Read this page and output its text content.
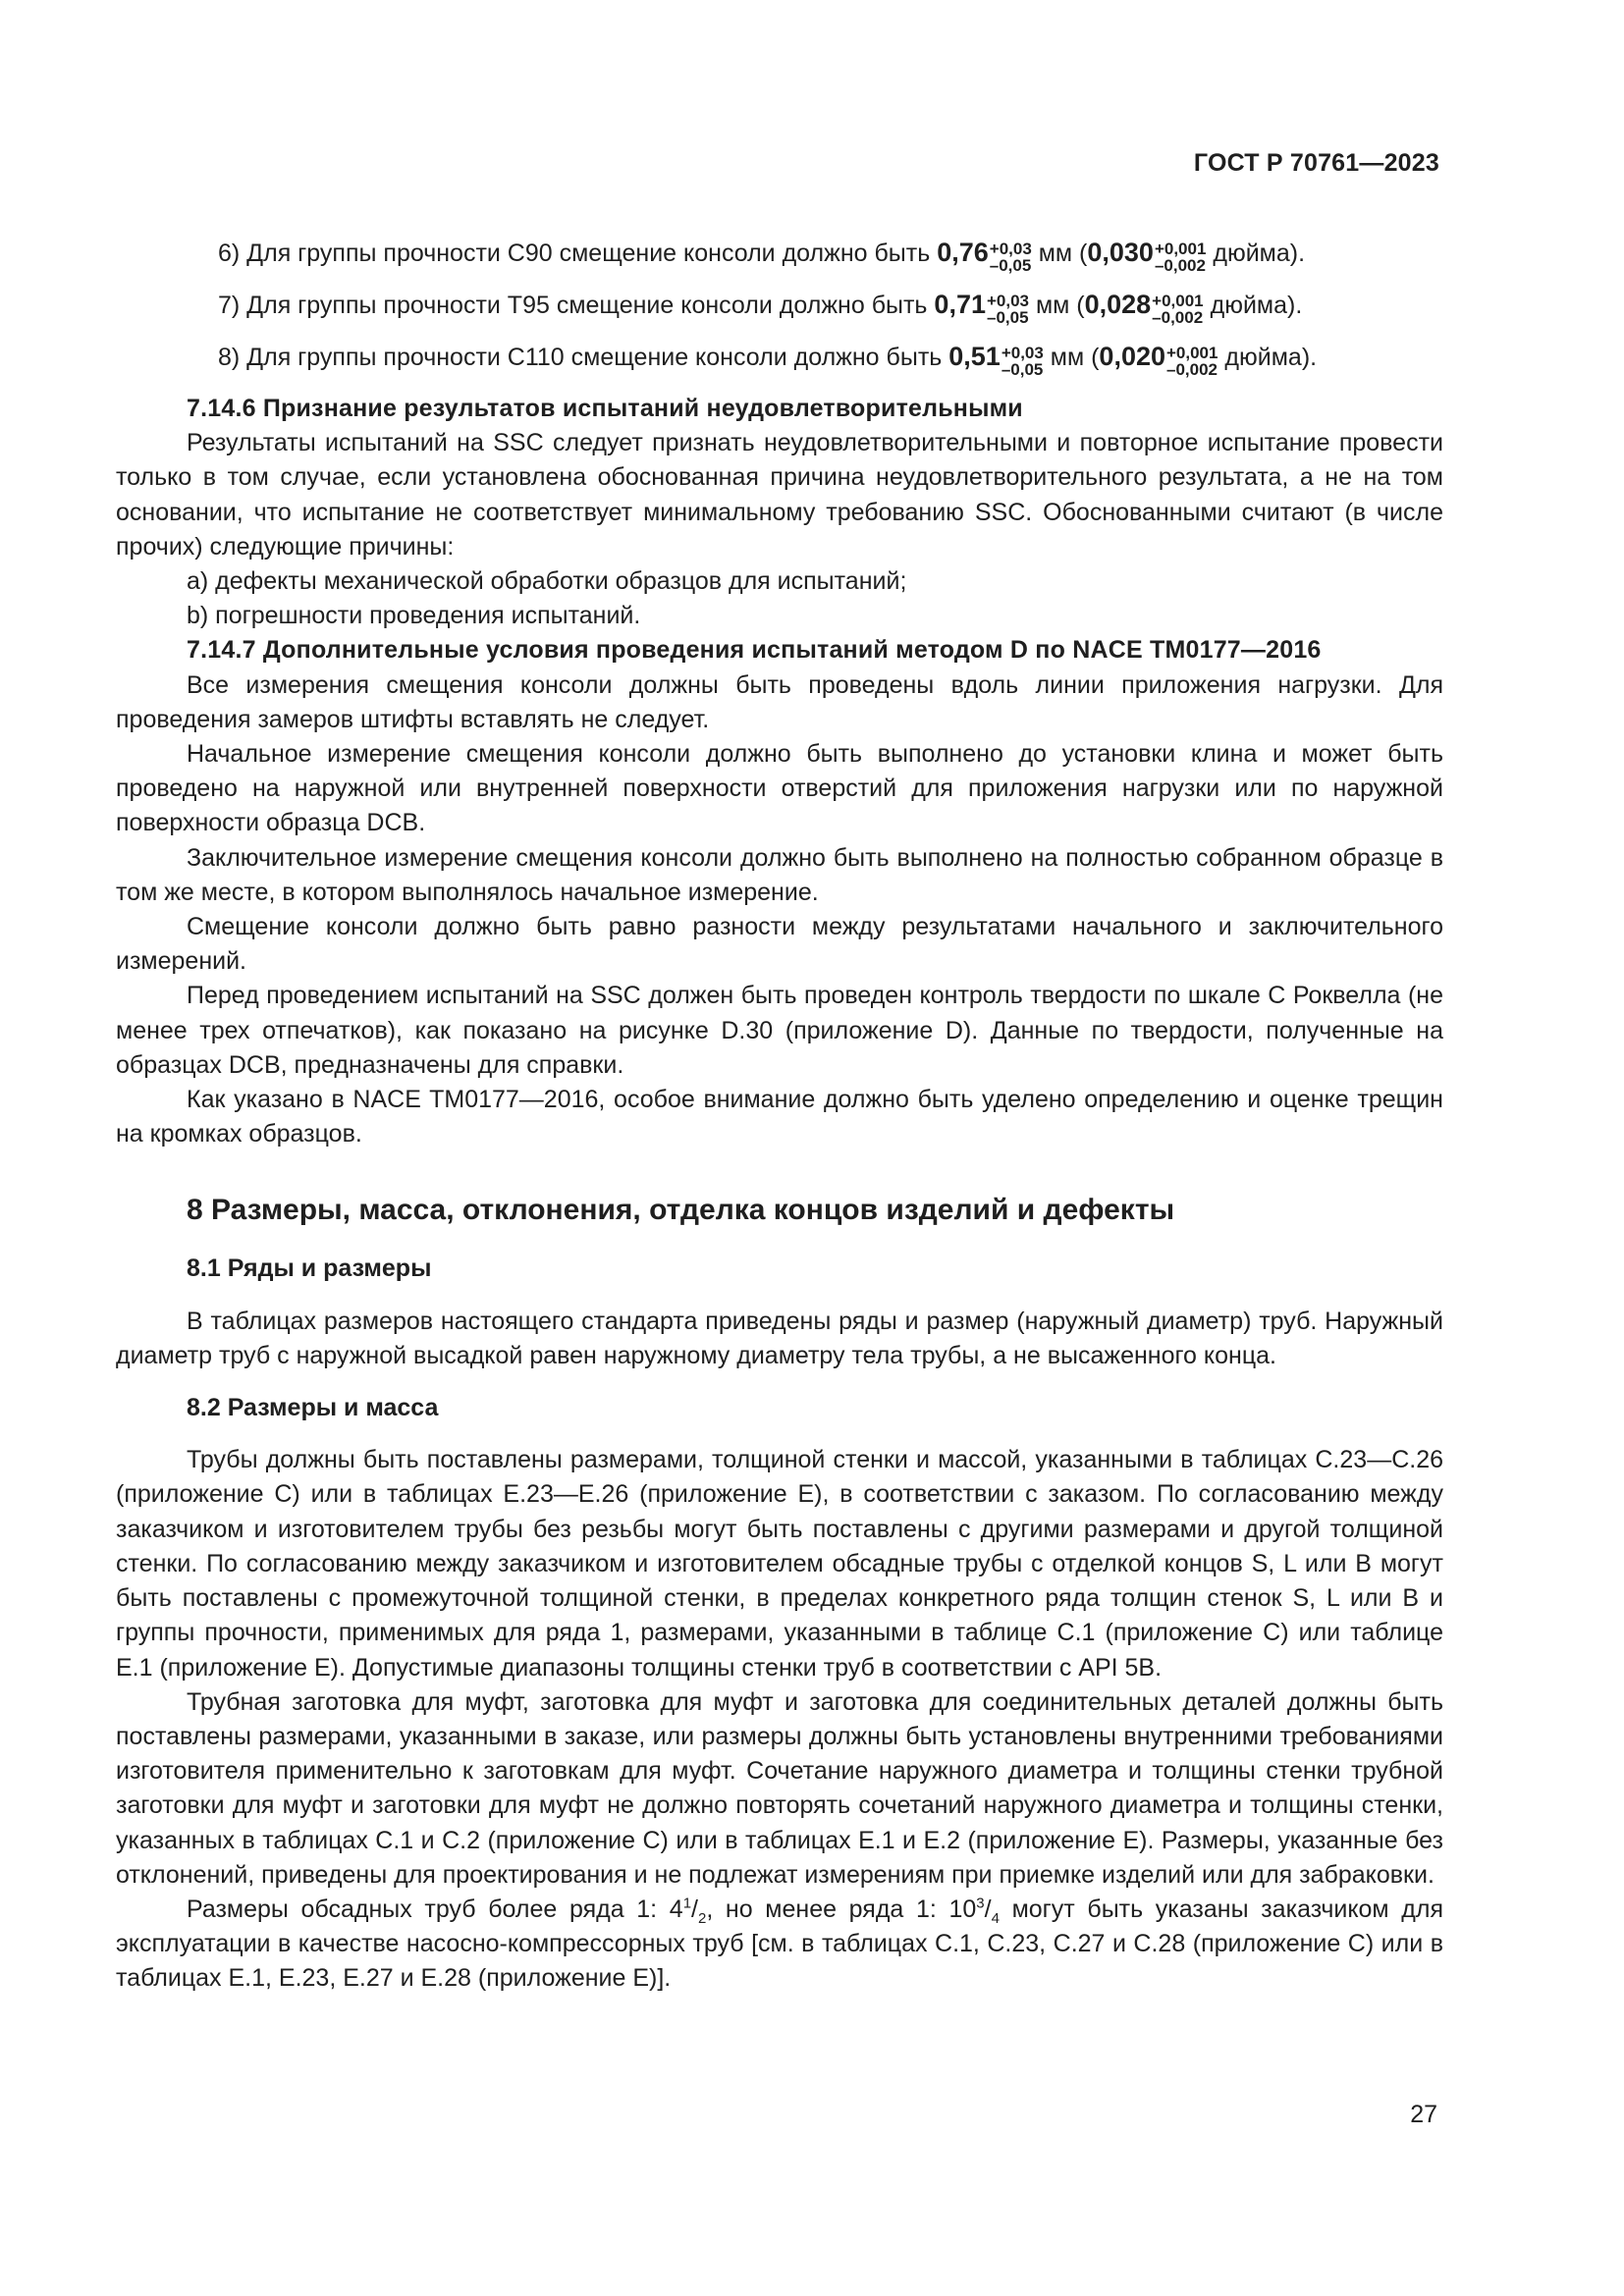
ГОСТ Р 70761—2023

6) Для группы прочности С90 смещение консоли должно быть 0,76 +0,03
–0,05 мм (0,030 +0,001
–0,002 дюйма).

7) Для группы прочности Т95 смещение консоли должно быть 0,71 +0,03
–0,05 мм (0,028 +0,001
–0,002 дюйма).

8) Для группы прочности С110 смещение консоли должно быть 0,51 +0,03
–0,05 мм (0,020 +0,001
–0,002 дюйма).

7.14.6 Признание результатов испытаний неудовлетворительными

Результаты испытаний на SSC следует признать неудовлетворительными и повторное испытание провести только в том случае, если установлена обоснованная причина неудовлетворительного результата, а не на том основании, что испытание не соответствует минимальному требованию SSC. Обоснованными считают (в числе прочих) следующие причины:

a) дефекты механической обработки образцов для испытаний;

b) погрешности проведения испытаний.

7.14.7 Дополнительные условия проведения испытаний методом D по NACE TM0177—2016

Все измерения смещения консоли должны быть проведены вдоль линии приложения нагрузки. Для проведения замеров штифты вставлять не следует.

Начальное измерение смещения консоли должно быть выполнено до установки клина и может быть проведено на наружной или внутренней поверхности отверстий для приложения нагрузки или по наружной поверхности образца DCB.

Заключительное измерение смещения консоли должно быть выполнено на полностью собранном образце в том же месте, в котором выполнялось начальное измерение.

Смещение консоли должно быть равно разности между результатами начального и заключительного измерений.

Перед проведением испытаний на SSC должен быть проведен контроль твердости по шкале С Роквелла (не менее трех отпечатков), как показано на рисунке D.30 (приложение D). Данные по твердости, полученные на образцах DCB, предназначены для справки.

Как указано в NACE TM0177—2016, особое внимание должно быть уделено определению и оценке трещин на кромках образцов.

8 Размеры, масса, отклонения, отделка концов изделий и дефекты

8.1 Ряды и размеры

В таблицах размеров настоящего стандарта приведены ряды и размер (наружный диаметр) труб. Наружный диаметр труб с наружной высадкой равен наружному диаметру тела трубы, а не высаженного конца.

8.2 Размеры и масса

Трубы должны быть поставлены размерами, толщиной стенки и массой, указанными в таблицах С.23—С.26 (приложение С) или в таблицах Е.23—Е.26 (приложение Е), в соответствии с заказом. По согласованию между заказчиком и изготовителем трубы без резьбы могут быть поставлены с другими размерами и другой толщиной стенки. По согласованию между заказчиком и изготовителем обсадные трубы с отделкой концов S, L или B могут быть поставлены с промежуточной толщиной стенки, в пределах конкретного ряда толщин стенок S, L или B и группы прочности, применимых для ряда 1, размерами, указанными в таблице С.1 (приложение С) или таблице Е.1 (приложение Е). Допустимые диапазоны толщины стенки труб в соответствии с API 5B.

Трубная заготовка для муфт, заготовка для муфт и заготовка для соединительных деталей должны быть поставлены размерами, указанными в заказе, или размеры должны быть установлены внутренними требованиями изготовителя применительно к заготовкам для муфт. Сочетание наружного диаметра и толщины стенки трубной заготовки для муфт и заготовки для муфт не должно повторять сочетаний наружного диаметра и толщины стенки, указанных в таблицах С.1 и С.2 (приложение С) или в таблицах Е.1 и Е.2 (приложение Е). Размеры, указанные без отклонений, приведены для проектирования и не подлежат измерениям при приемке изделий или для забраковки.

Размеры обсадных труб более ряда 1: $4^1/_2$, но менее ряда 1: $10^3/_4$ могут быть указаны заказчиком для эксплуатации в качестве насосно-компрессорных труб [см. в таблицах С.1, С.23, С.27 и С.28 (приложение С) или в таблицах Е.1, Е.23, Е.27 и Е.28 (приложение Е)].

27
